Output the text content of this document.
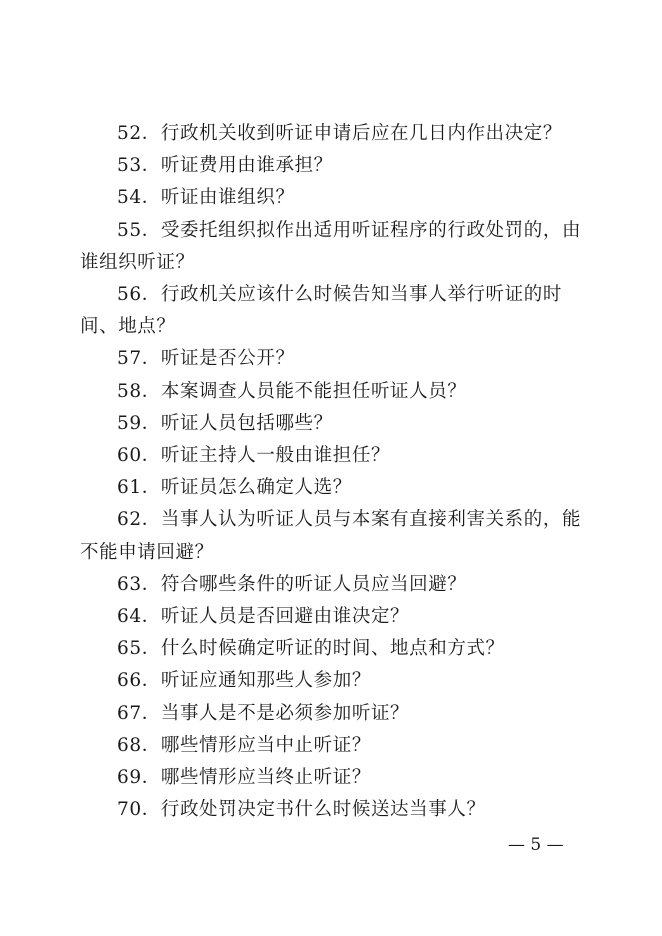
52．行政机关收到听证申请后应在几日内作出决定？
53．听证费用由谁承担？
54．听证由谁组织？
55．受委托组织拟作出适用听证程序的行政处罚的，由谁组织听证？
56．行政机关应该什么时候告知当事人举行听证的时间、地点？
57．听证是否公开？
58．本案调查人员能不能担任听证人员？
59．听证人员包括哪些？
60．听证主持人一般由谁担任？
61．听证员怎么确定人选？
62．当事人认为听证人员与本案有直接利害关系的，能不能申请回避？
63．符合哪些条件的听证人员应当回避？
64．听证人员是否回避由谁决定？
65．什么时候确定听证的时间、地点和方式？
66．听证应通知那些人参加？
67．当事人是不是必须参加听证？
68．哪些情形应当中止听证？
69．哪些情形应当终止听证？
70．行政处罚决定书什么时候送达当事人？
— 5 —
